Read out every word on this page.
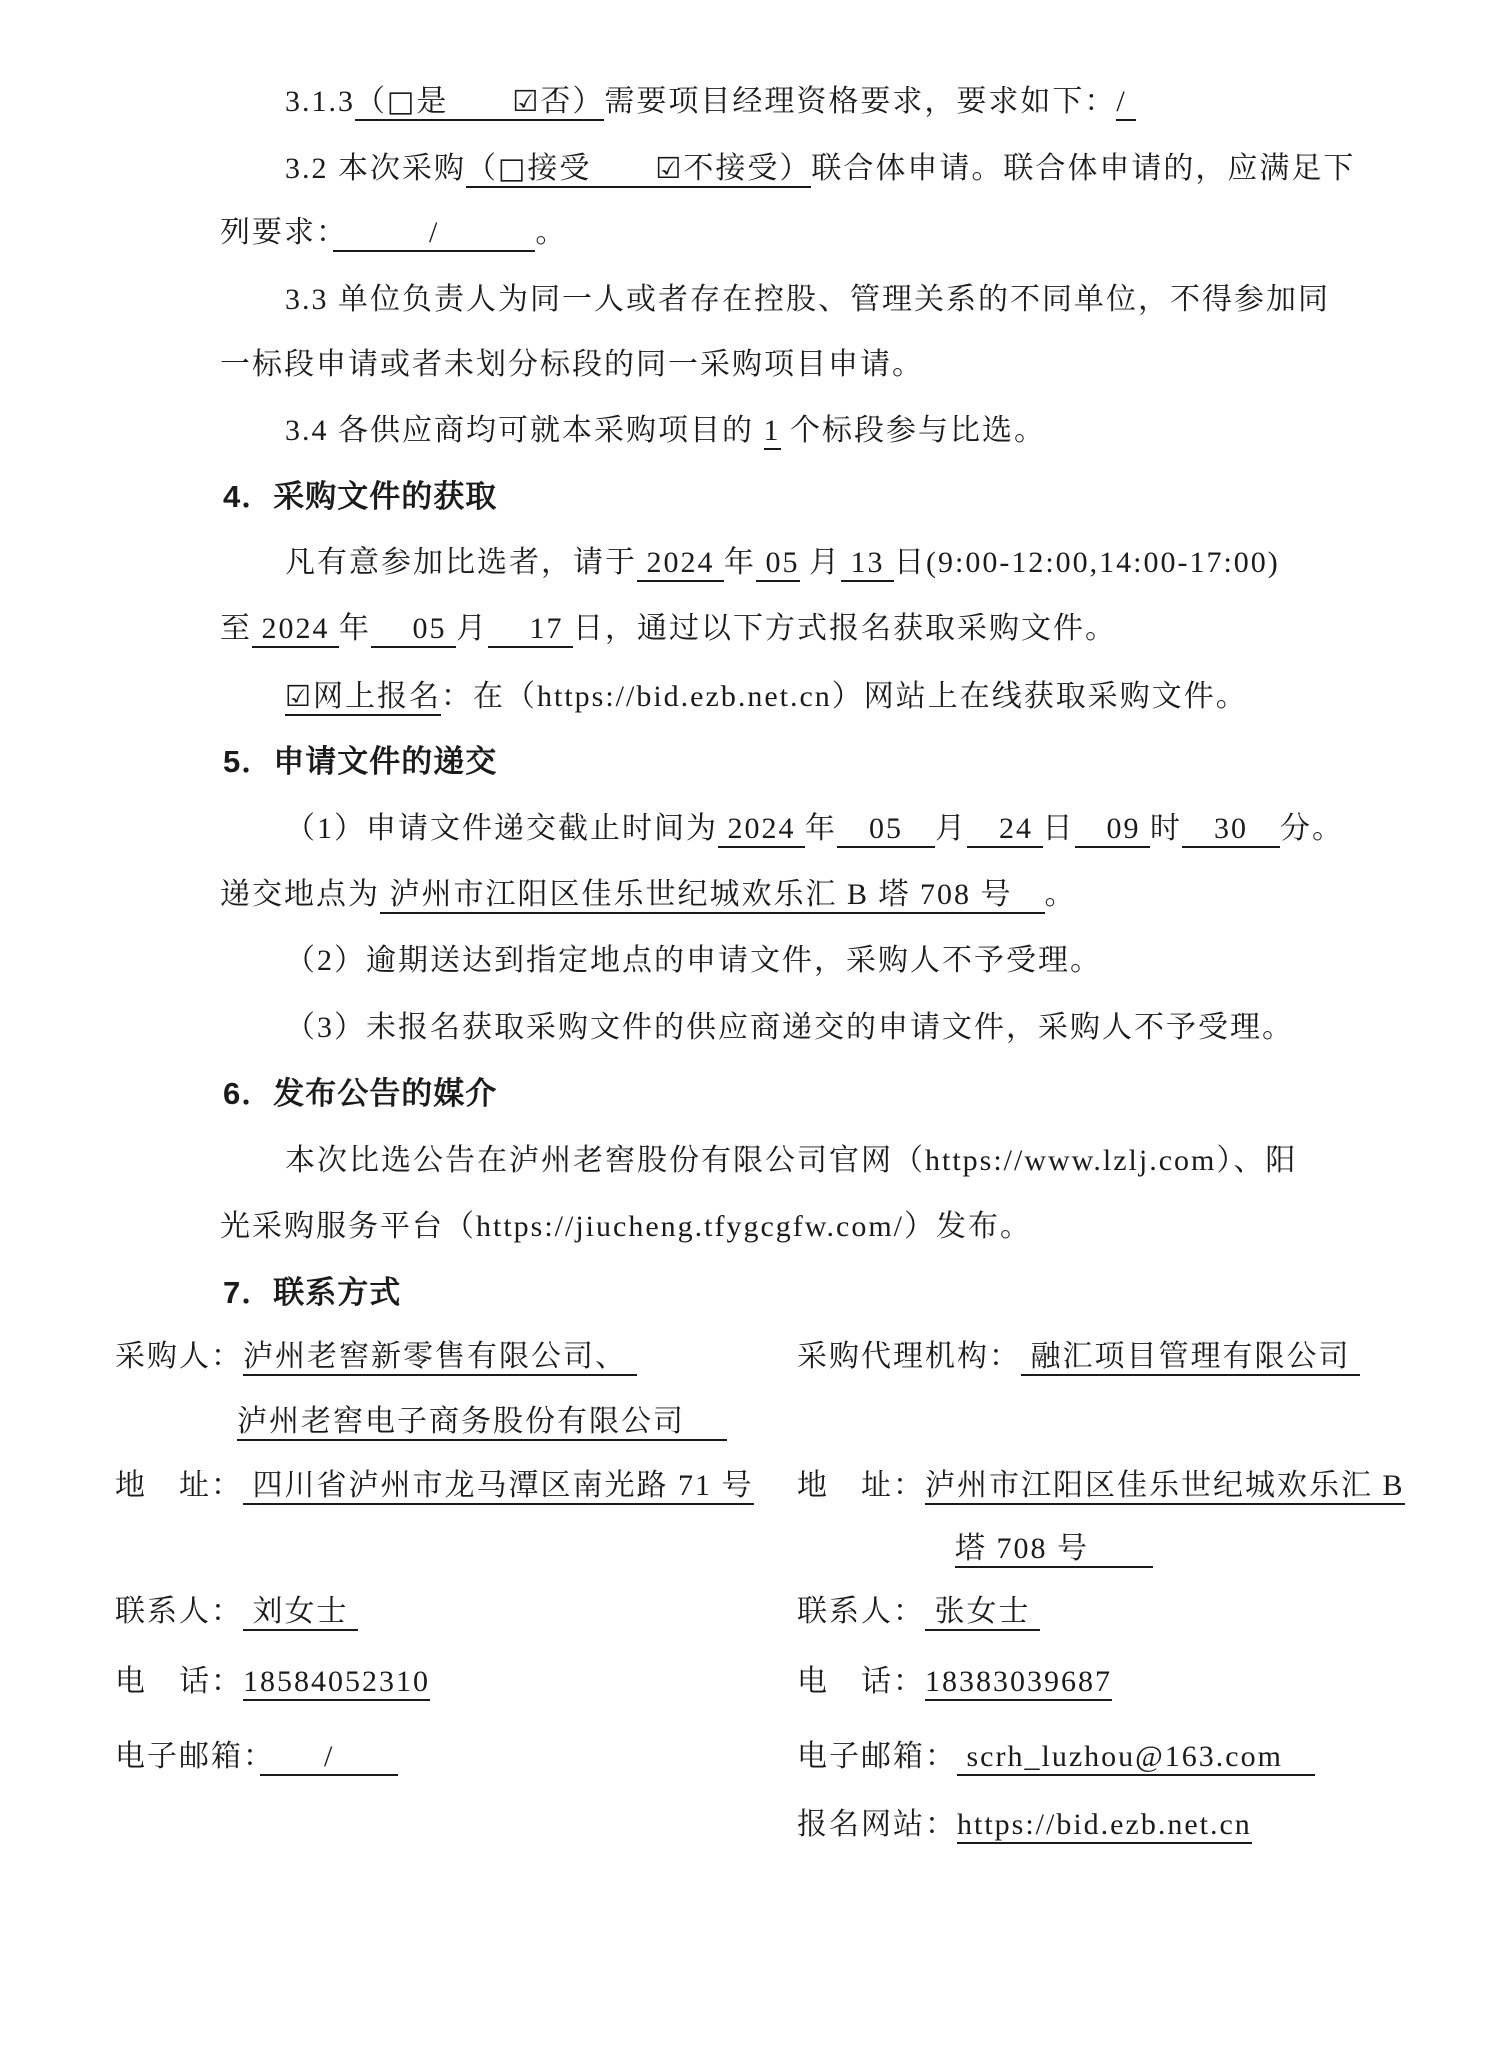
3.1.3（□是　　☑否）需要项目经理资格要求，要求如下：/
3.2 本次采购（□接受　　☑不接受）联合体申请。联合体申请的，应满足下
列要求：　　　/　　　。
3.3 单位负责人为同一人或者存在控股、管理关系的不同单位，不得参加同
一标段申请或者未划分标段的同一采购项目申请。
3.4 各供应商均可就本采购项目的 1 个标段参与比选。
4．采购文件的获取
凡有意参加比选者，请于 2024 年 05 月 13 日(9:00-12:00,14:00-17:00)
至 2024 年　 05 月　 17 日，通过以下方式报名获取采购文件。
☑网上报名：在（https://bid.ezb.net.cn）网站上在线获取采购文件。
5．申请文件的递交
（1）申请文件递交截止时间为 2024 年　05　月　24 日　09 时　30　分。
递交地点为 泸州市江阳区佳乐世纪城欢乐汇 B 塔 708 号　。
（2）逾期送达到指定地点的申请文件，采购人不予受理。
（3）未报名获取采购文件的供应商递交的申请文件，采购人不予受理。
6．发布公告的媒介
本次比选公告在泸州老窖股份有限公司官网（https://www.lzlj.com）、阳
光采购服务平台（https://jiucheng.tfygcgfw.com/）发布。
7．联系方式
采购人：泸州老窖新零售有限公司、	采购代理机构： 融汇项目管理有限公司
泸州老窖电子商务股份有限公司　
地　址： 四川省泸州市龙马潭区南光路 71 号 地　址：泸州市江阳区佳乐世纪城欢乐汇 B
塔 708 号　　
联系人： 刘女士	联系人： 张女士
电　话：18584052310	电　话：18383039687
电子邮箱：　　/　　	电子邮箱： scrh_luzhou@163.com　
报名网站：https://bid.ezb.net.cn
